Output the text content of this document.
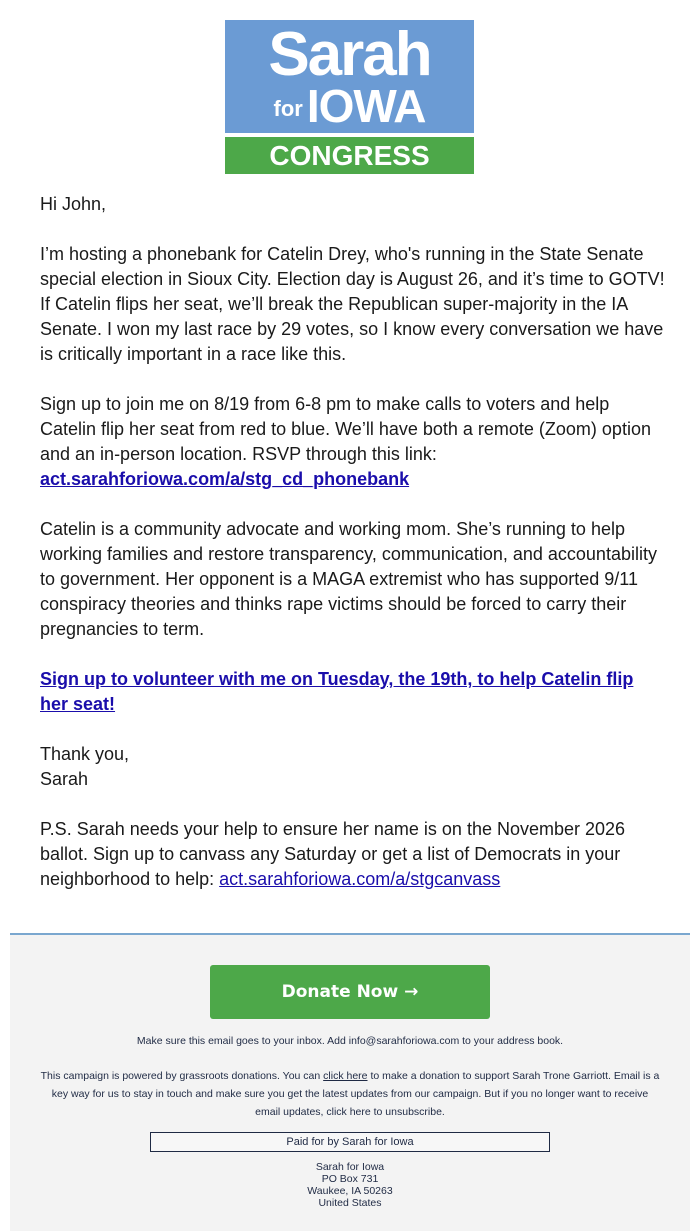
Sarah
forIOWA
CONGRESS

Hi John,

I’m hosting a phonebank for Catelin Drey, who's running in the State Senate special election in Sioux City. Election day is August 26, and it’s time to GOTV! If Catelin flips her seat, we’ll break the Republican super-majority in the IA Senate. I won my last race by 29 votes, so I know every conversation we have is critically important in a race like this.

Sign up to join me on 8/19 from 6-8 pm to make calls to voters and help Catelin flip her seat from red to blue. We’ll have both a remote (Zoom) option and an in-person location. RSVP through this link:
act.sarahforiowa.com/a/stg_cd_phonebank

Catelin is a community advocate and working mom. She’s running to help working families and restore transparency, communication, and accountability to government. Her opponent is a MAGA extremist who has supported 9/11 conspiracy theories and thinks rape victims should be forced to carry their pregnancies to term.

Sign up to volunteer with me on Tuesday, the 19th, to help Catelin flip her seat!

Thank you,
Sarah

P.S. Sarah needs your help to ensure her name is on the November 2026 ballot. Sign up to canvass any Saturday or get a list of Democrats in your neighborhood to help: act.sarahforiowa.com/a/stgcanvass

Donate Now →
Make sure this email goes to your inbox. Add info@sarahforiowa.com to your address book.
This campaign is powered by grassroots donations. You can click here to make a donation to support Sarah Trone Garriott. Email is a key way for us to stay in touch and make sure you get the latest updates from our campaign. But if you no longer want to receive email updates, click here to unsubscribe.
Paid for by Sarah for Iowa
Sarah for Iowa
PO Box 731
Waukee, IA 50263
United States
